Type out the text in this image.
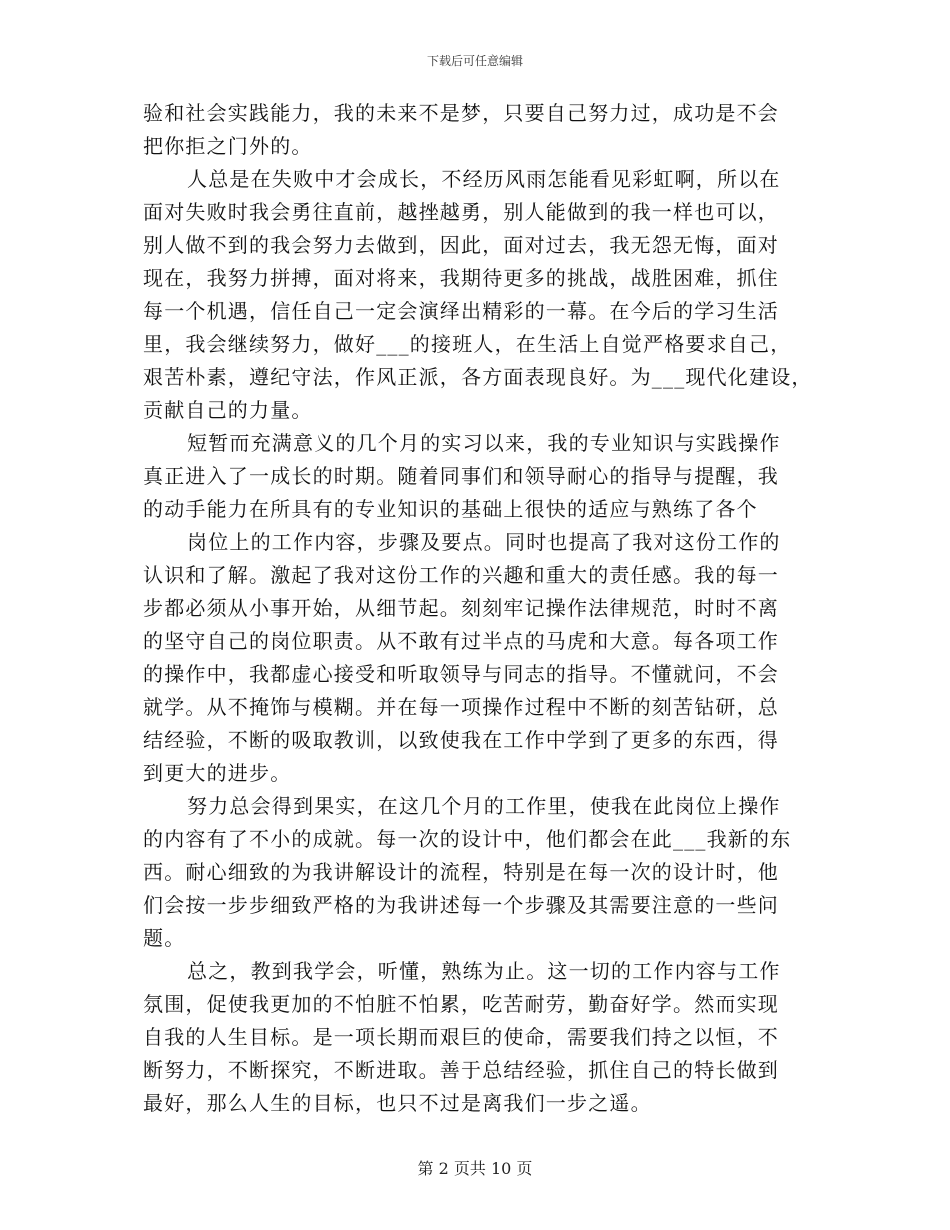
下载后可任意编辑
验和社会实践能力，我的未来不是梦，只要自己努力过，成功是不会
把你拒之门外的。
人总是在失败中才会成长，不经历风雨怎能看见彩虹啊，所以在
面对失败时我会勇往直前，越挫越勇，别人能做到的我一样也可以，
别人做不到的我会努力去做到，因此，面对过去，我无怨无悔，面对
现在，我努力拼搏，面对将来，我期待更多的挑战，战胜困难，抓住
每一个机遇，信任自己一定会演绎出精彩的一幕。在今后的学习生活
里，我会继续努力，做好___的接班人，在生活上自觉严格要求自己，
艰苦朴素，遵纪守法，作风正派，各方面表现良好。为___现代化建设，
贡献自己的力量。
短暂而充满意义的几个月的实习以来，我的专业知识与实践操作
真正进入了一成长的时期。随着同事们和领导耐心的指导与提醒，我
的动手能力在所具有的专业知识的基础上很快的适应与熟练了各个
岗位上的工作内容，步骤及要点。同时也提高了我对这份工作的
认识和了解。激起了我对这份工作的兴趣和重大的责任感。我的每一
步都必须从小事开始，从细节起。刻刻牢记操作法律规范，时时不离
的坚守自己的岗位职责。从不敢有过半点的马虎和大意。每各项工作
的操作中，我都虚心接受和听取领导与同志的指导。不懂就问，不会
就学。从不掩饰与模糊。并在每一项操作过程中不断的刻苦钻研，总
结经验，不断的吸取教训，以致使我在工作中学到了更多的东西，得
到更大的进步。
努力总会得到果实，在这几个月的工作里，使我在此岗位上操作
的内容有了不小的成就。每一次的设计中，他们都会在此___我新的东
西。耐心细致的为我讲解设计的流程，特别是在每一次的设计时，他
们会按一步步细致严格的为我讲述每一个步骤及其需要注意的一些问
题。
总之，教到我学会，听懂，熟练为止。这一切的工作内容与工作
氛围，促使我更加的不怕脏不怕累，吃苦耐劳，勤奋好学。然而实现
自我的人生目标。是一项长期而艰巨的使命，需要我们持之以恒，不
断努力，不断探究，不断进取。善于总结经验，抓住自己的特长做到
最好，那么人生的目标，也只不过是离我们一步之遥。
第 2 页共 10 页
